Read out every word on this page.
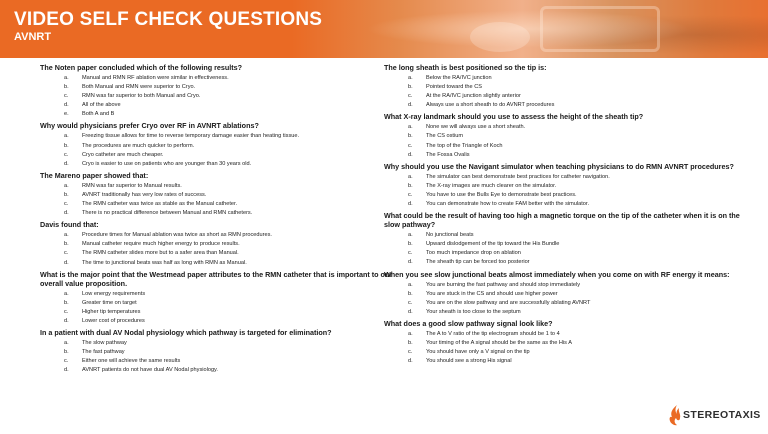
VIDEO SELF CHECK QUESTIONS
AVNRT
The Noten paper concluded which of the following results?
a. Manual and RMN RF ablation were similar in effectiveness.
b. Both Manual and RMN were superior to Cryo.
c. RMN was far superior to both Manual and Cryo.
d. All of the above
e. Both A and B
Why would physicians prefer Cryo over RF in AVNRT ablations?
a. Freezing tissue allows for time to reverse temporary damage easier than heating tissue.
b. The procedures are much quicker to perform.
c. Cryo catheter are much cheaper.
d. Cryo is easier to use on patients who are younger than 30 years old.
The Mareno paper showed that:
a. RMN was far superior to Manual results.
b. AVNRT traditionally has very low rates of success.
c. The RMN catheter was twice as stable as the Manual catheter.
d. There is no practical difference between Manual and RMN catheters.
Davis found that:
a. Procedure times for Manual ablation was twice as short as RMN procedures.
b. Manual catheter require much higher energy to produce results.
c. The RMN catheter slides more but to a safer area than Manual.
d. The time to junctional beats was half as long with RMN as Manual.
What is the major point that the Westmead paper attributes to the RMN catheter that is important to our overall value proposition.
a. Low energy requirements
b. Greater time on target
c. Higher tip temperatures
d. Lower cost of procedures
In a patient with dual AV Nodal physiology which pathway is targeted for elimination?
a. The slow pathway
b. The fast pathway
c. Either one will achieve the same results
d. AVNRT patients do not have dual AV Nodal physiology.
The long sheath is best positioned so the tip is:
a. Below the RA/IVC junction
b. Pointed toward the CS
c. At the RA/IVC junction slightly anterior
d. Always use a short sheath to do AVNRT procedures
What X-ray landmark should you use to assess the height of the sheath tip?
a. None we will always use a short sheath.
b. The CS ostium
c. The top of the Triangle of Koch
d. The Fossa Ovalis
Why should you use the Navigant simulator when teaching physicians to do RMN AVNRT procedures?
a. The simulator can best demonstrate best practices for catheter navigation.
b. The X-ray images are much clearer on the simulator.
c. You have to use the Bulls Eye to demonstrate best practices.
d. You can demonstrate how to create FAM better with the simulator.
What could be the result of having too high a magnetic torque on the tip of the catheter when it is on the slow pathway?
a. No junctional beats
b. Upward dislodgement of the tip toward the His Bundle
c. Too much impedance drop on ablation
d. The sheath tip can be forced too posterior
When you see slow junctional beats almost immediately when you come on with RF energy it means:
a. You are burning the fast pathway and should stop immediately
b. You are stuck in the CS and should use higher power
c. You are on the slow pathway and are successfully ablating AVNRT
d. Your sheath is too close to the septum
What does a good slow pathway signal look like?
a. The A to V ratio of the tip electrogram should be 1 to 4
b. Your timing of the A signal should be the same as the His A
c. You should have only a V signal on the tip
d. You should see a strong His signal
STEREOTAXIS
